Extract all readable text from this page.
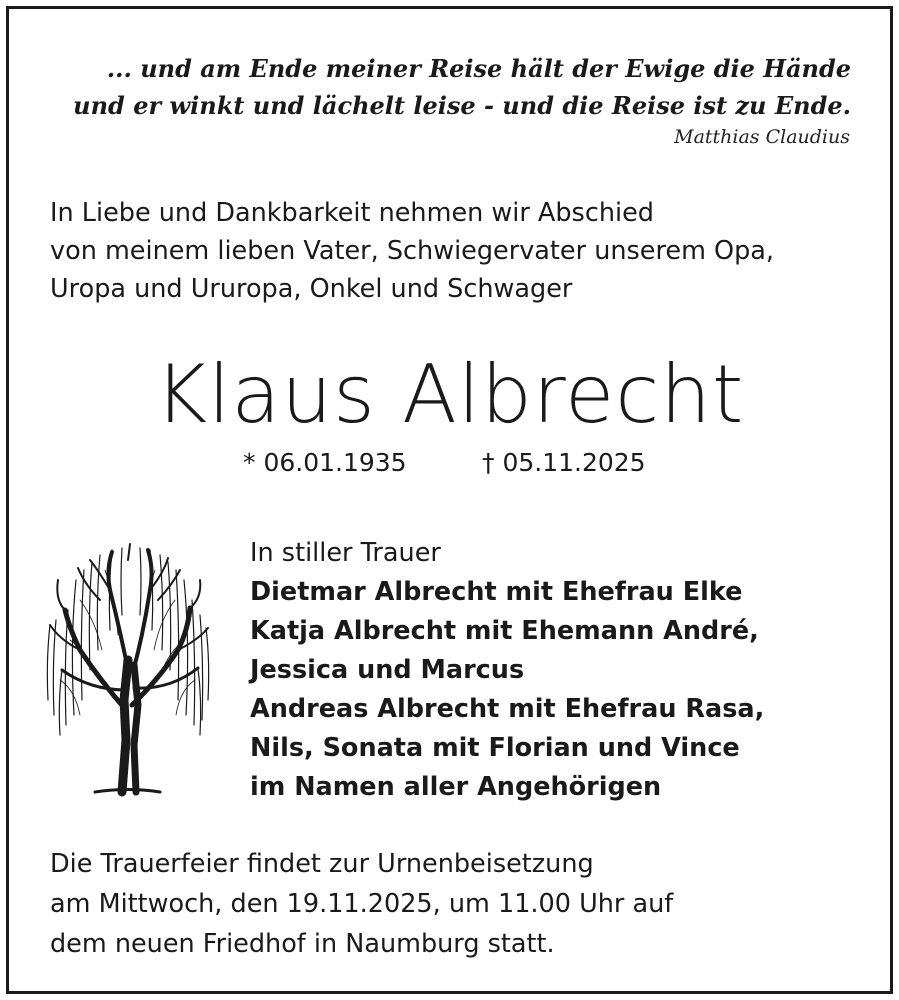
... und am Ende meiner Reise hält der Ewige die Hände
und er winkt und lächelt leise - und die Reise ist zu Ende.
Matthias Claudius
In Liebe und Dankbarkeit nehmen wir Abschied
von meinem lieben Vater, Schwiegervater unserem Opa,
Uropa und Ururopa, Onkel und Schwager
Klaus Albrecht
* 06.01.1935	† 05.11.2025
In stiller Trauer
Dietmar Albrecht mit Ehefrau Elke
Katja Albrecht mit Ehemann André,
Jessica und Marcus
Andreas Albrecht mit Ehefrau Rasa,
Nils, Sonata mit Florian und Vince
im Namen aller Angehörigen
Die Trauerfeier findet zur Urnenbeisetzung
am Mittwoch, den 19.11.2025, um 11.00 Uhr auf
dem neuen Friedhof in Naumburg statt.
